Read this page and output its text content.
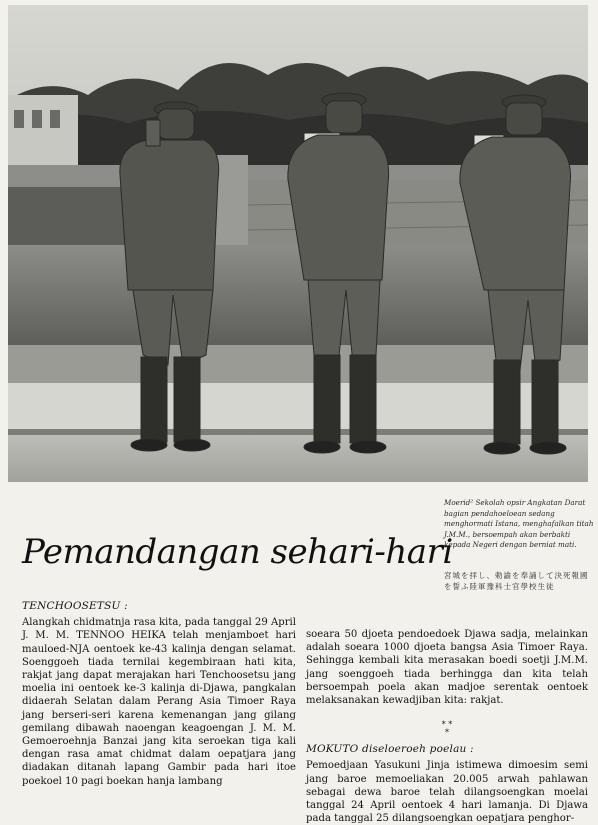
Moerid² Sekolah opsir Angkatan Darat bagian pendahoeloean sedang menghormati Istana, menghafalkan titah J.M.M., bersoempah akan berbakti kepada Negeri dengan berniat mati.
宮城を拝し、勅諭を奉誦して決死報國を誓ふ陸軍豫科士官學校生徒
Pemandangan sehari-hari
TENCHOOSETSU :

Alangkah chidmatnja rasa kita, pada tanggal 29 April J. M. M. TENNOO HEIKA telah menjamboet hari mauloed-NJA oentoek ke-43 kalinja dengan selamat. Soenggoeh tiada ternilai kegembiraan hati kita, rakjat jang dapat merajakan hari Tenchoosetsu jang moelia ini oentoek ke-3 kalinja di-Djawa, pangkalan didaerah Selatan dalam Perang Asia Timoer Raya jang berseri-seri karena kemenangan jang gilang gemilang dibawah naoengan keagoengan J. M. M. Gemoeroehnja Banzai jang kita seroekan tiga kali dengan rasa amat chidmat dalam oepatjara jang diadakan ditanah lapang Gambir pada hari itoe poekoel 10 pagi boekan hanja lambang

soeara 50 djoeta pendoedoek Djawa sadja, melainkan adalah soeara 1000 djoeta bangsa Asia Timoer Raya. Sehingga kembali kita merasakan boedi soetji J.M.M. jang soenggoeh tiada berhingga dan kita telah bersoempah poela akan madjoe serentak oentoek melaksanakan kewadjiban kita: rakjat.

* *
*
MOKUTO diseloeroeh poelau :

Pemoedjaan Yasukuni Jinja istimewa dimoesim semi jang baroe memoeliakan 20.005 arwah pahlawan sebagai dewa baroe telah dilangsoengkan moelai tanggal 24 April oentoek 4 hari lamanja. Di Djawa pada tanggal 25 dilangsoengkan oepatjara penghor-
